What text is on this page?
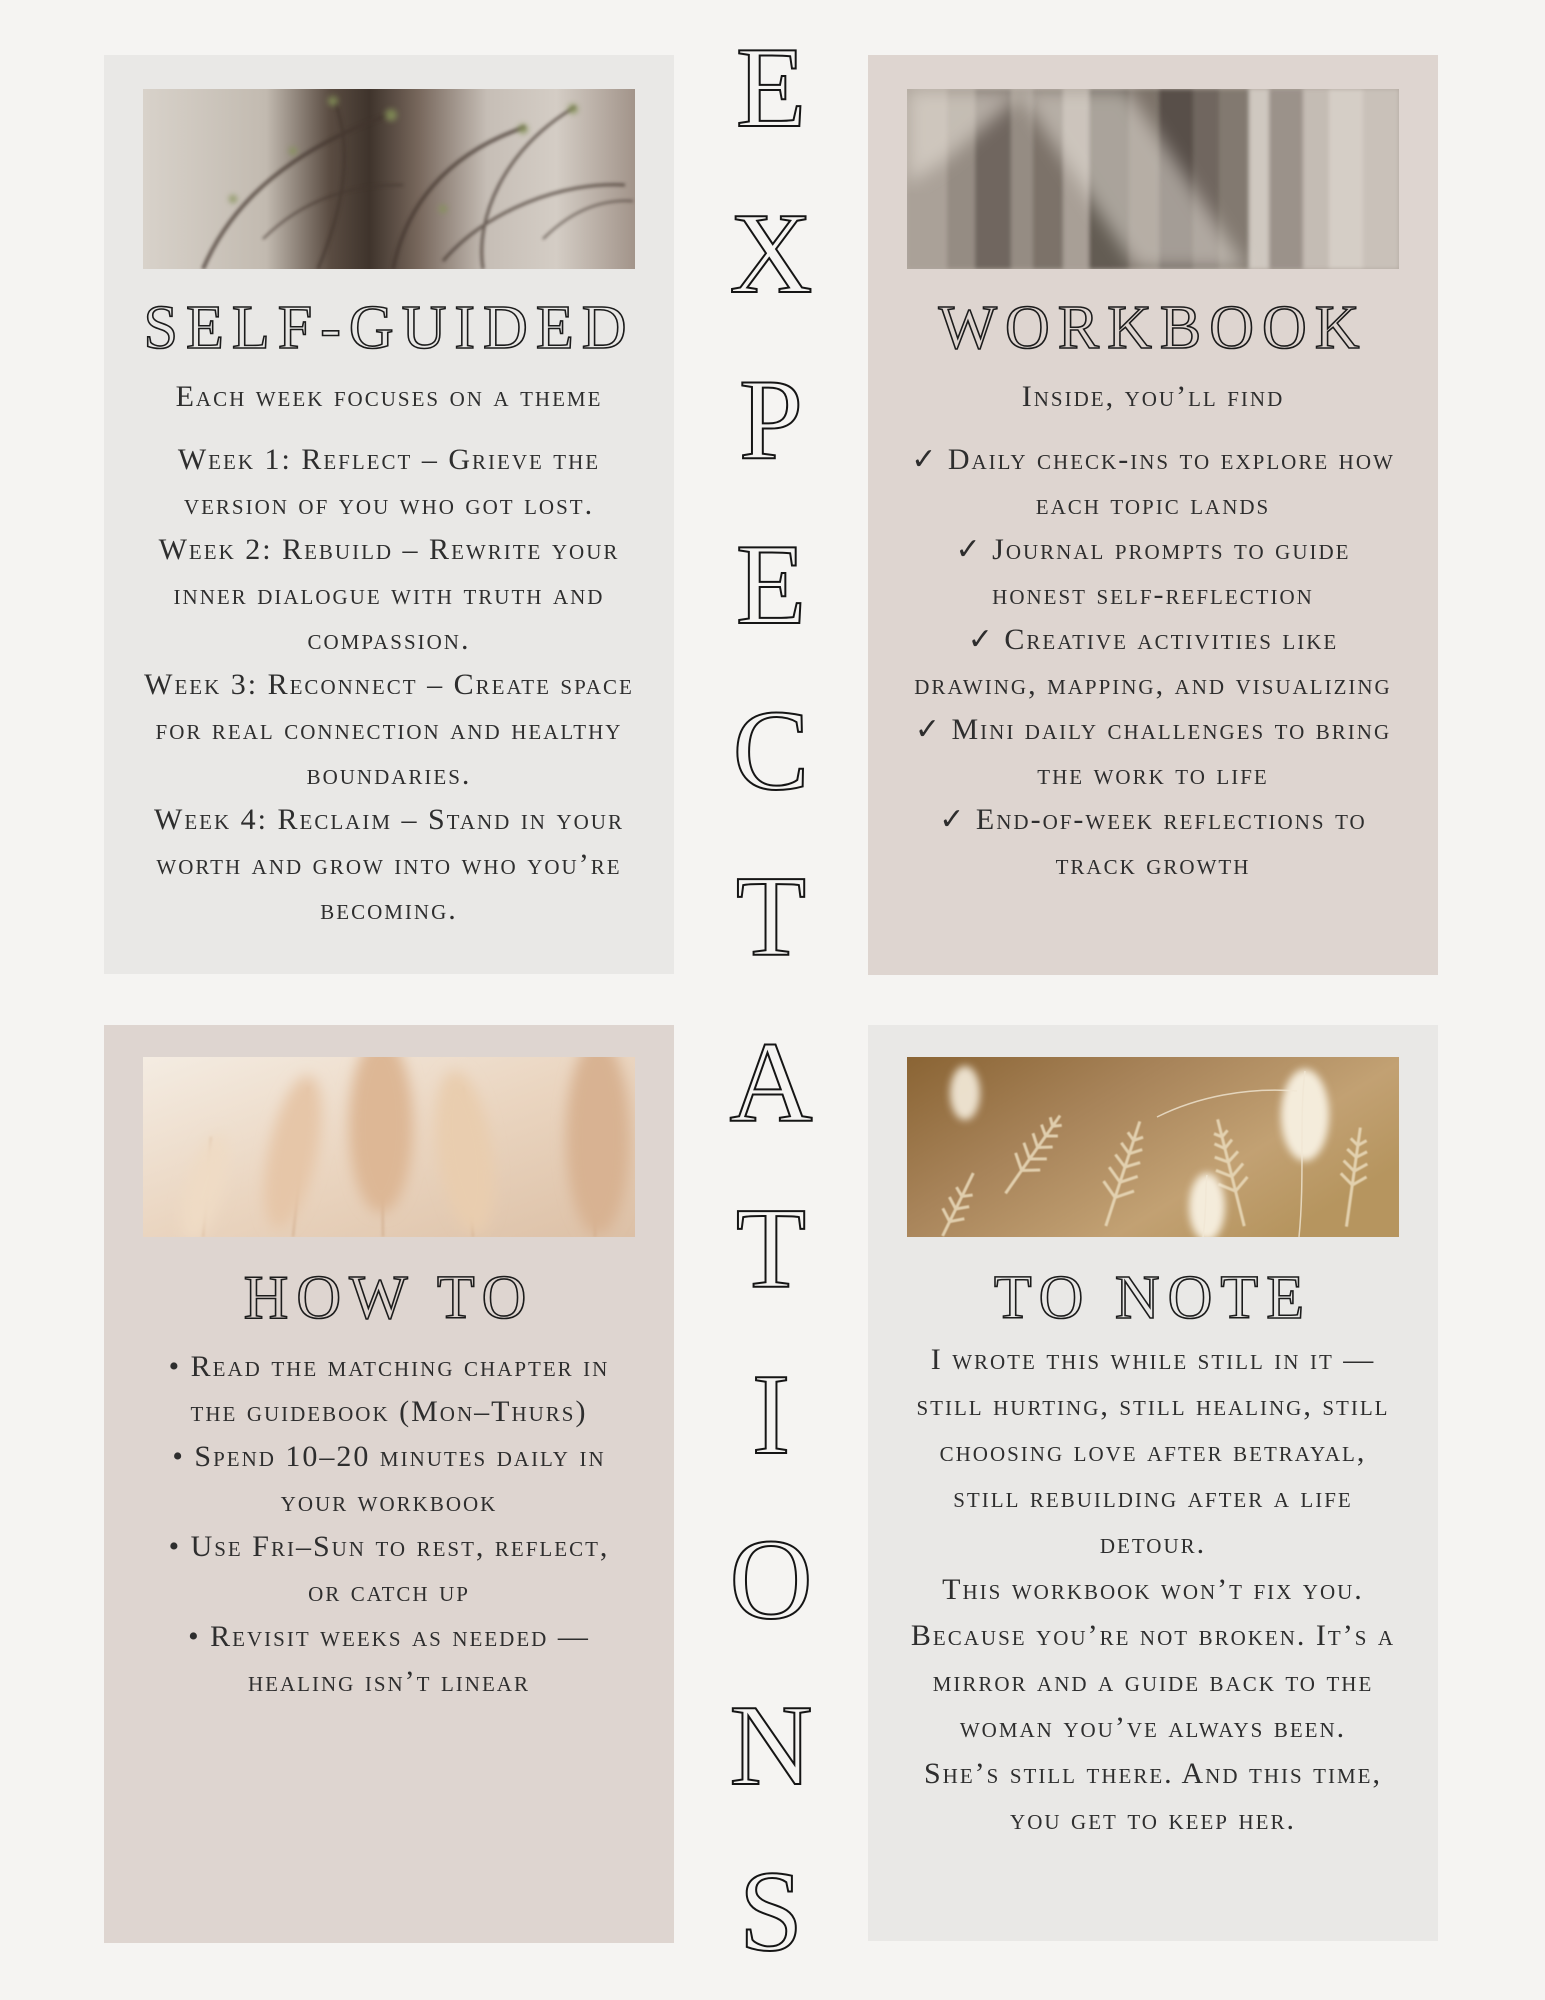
E
X
P
E
C
T
A
T
I
O
N
S
SELF-GUIDED
Each week focuses on a theme
Week 1: Reflect – Grieve the version of you who got lost.
Week 2: Rebuild – Rewrite your inner dialogue with truth and compassion.
Week 3: Reconnect – Create space for real connection and healthy boundaries.
Week 4: Reclaim – Stand in your worth and grow into who you’re becoming.
WORKBOOK
Inside, you’ll find
✓ Daily check-ins to explore how each topic lands
✓ Journal prompts to guide honest self-reflection
✓ Creative activities like drawing, mapping, and visualizing
✓ Mini daily challenges to bring the work to life
✓ End-of-week reflections to track growth
HOW TO
• Read the matching chapter in the guidebook (Mon–Thurs)
• Spend 10–20 minutes daily in your workbook
• Use Fri–Sun to rest, reflect, or catch up
• Revisit weeks as needed — healing isn’t linear
TO NOTE
I wrote this while still in it — still hurting, still healing, still choosing love after betrayal, still rebuilding after a life detour.
This workbook won’t fix you. Because you’re not broken. It’s a mirror and a guide back to the woman you’ve always been.
She’s still there. And this time, you get to keep her.
